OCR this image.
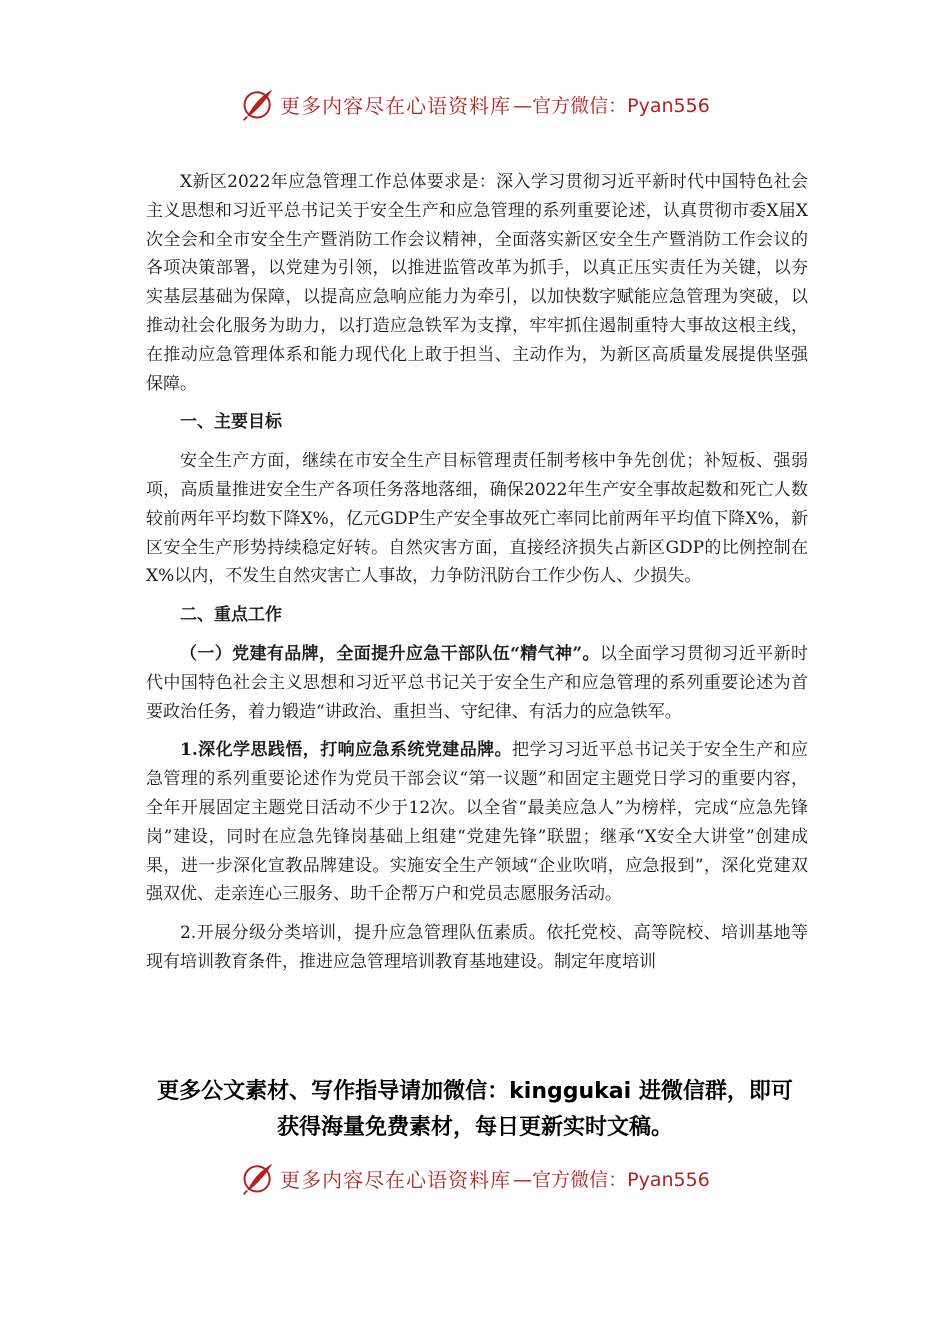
更多内容尽在心语资料库 —官方微信：Pyan556

X新区2022年应急管理工作总体要求是：深入学习贯彻习近平新时代中国特色社会主义思想和习近平总书记关于安全生产和应急管理的系列重要论述，认真贯彻市委X届X次全会和全市安全生产暨消防工作会议精神，全面落实新区安全生产暨消防工作会议的各项决策部署，以党建为引领，以推进监管改革为抓手，以真正压实责任为关键，以夯实基层基础为保障，以提高应急响应能力为牵引，以加快数字赋能应急管理为突破，以推动社会化服务为助力，以打造应急铁军为支撑，牢牢抓住遏制重特大事故这根主线，在推动应急管理体系和能力现代化上敢于担当、主动作为，为新区高质量发展提供坚强保障。

一、主要目标

安全生产方面，继续在市安全生产目标管理责任制考核中争先创优；补短板、强弱项，高质量推进安全生产各项任务落地落细，确保2022年生产安全事故起数和死亡人数较前两年平均数下降X%，亿元GDP生产安全事故死亡率同比前两年平均值下降X%，新区安全生产形势持续稳定好转。自然灾害方面，直接经济损失占新区GDP的比例控制在X%以内，不发生自然灾害亡人事故，力争防汛防台工作少伤人、少损失。

二、重点工作

（一）党建有品牌，全面提升应急干部队伍“精气神”。以全面学习贯彻习近平新时代中国特色社会主义思想和习近平总书记关于安全生产和应急管理的系列重要论述为首要政治任务，着力锻造“讲政治、重担当、守纪律、有活力的应急铁军。

1.深化学思践悟，打响应急系统党建品牌。把学习习近平总书记关于安全生产和应急管理的系列重要论述作为党员干部会议“第一议题”和固定主题党日学习的重要内容，全年开展固定主题党日活动不少于12次。以全省“最美应急人”为榜样，完成“应急先锋岗”建设，同时在应急先锋岗基础上组建“党建先锋”联盟；继承“X安全大讲堂”创建成果，进一步深化宣教品牌建设。实施安全生产领域“企业吹哨，应急报到”，深化党建双强双优、走亲连心三服务、助千企帮万户和党员志愿服务活动。

2.开展分级分类培训，提升应急管理队伍素质。依托党校、高等院校、培训基地等现有培训教育条件，推进应急管理培训教育基地建设。制定年度培训

更多公文素材、写作指导请加微信：kinggukai 进微信群，即可
获得海量免费素材，每日更新实时文稿。
更多内容尽在心语资料库 —官方微信：Pyan556
